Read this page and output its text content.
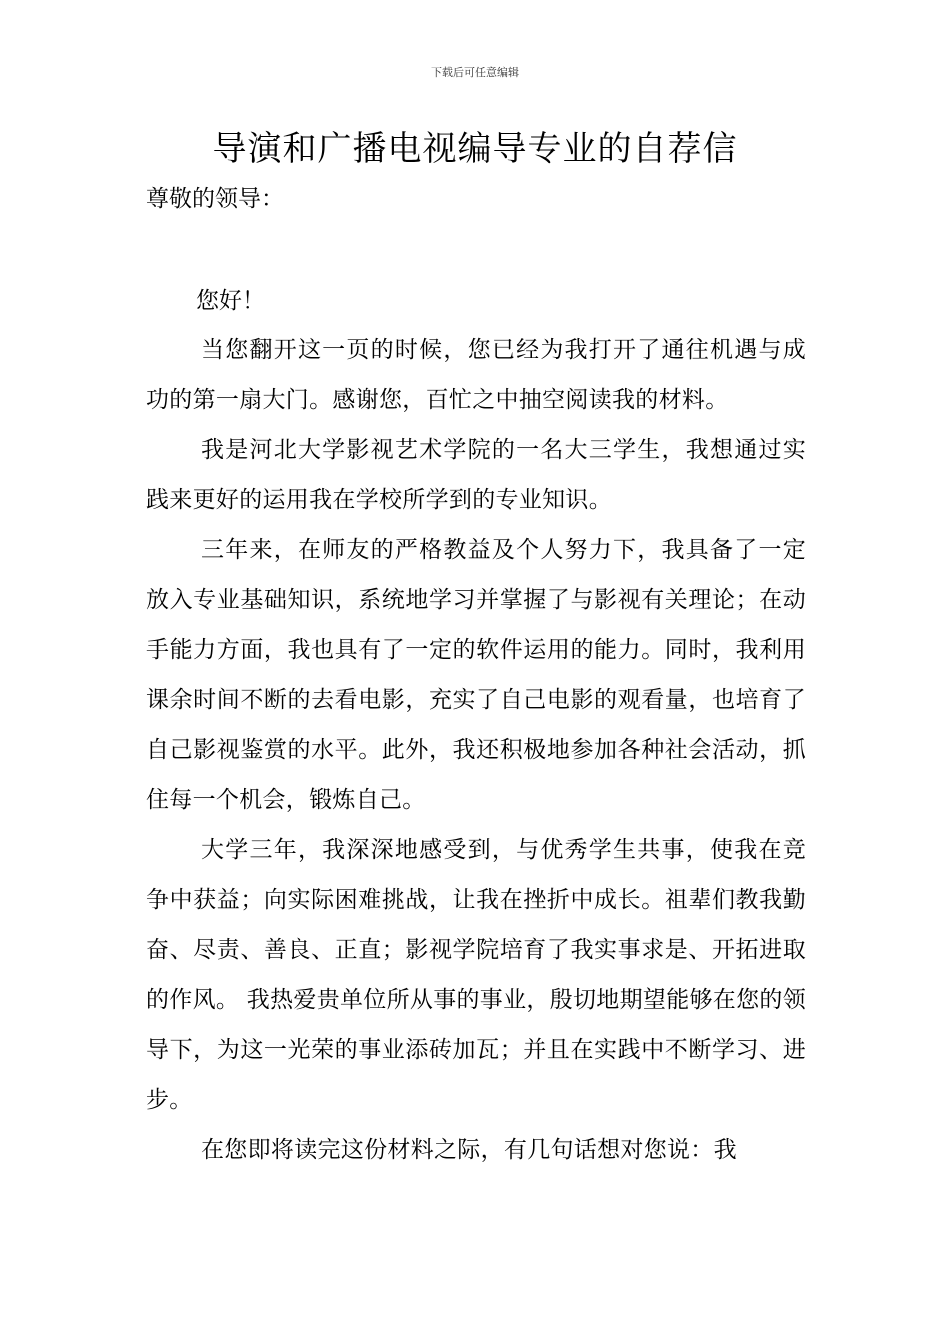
下载后可任意编辑
导演和广播电视编导专业的自荐信
尊敬的领导：
您好！

当您翻开这一页的时候，您已经为我打开了通往机遇与成功的第一扇大门。感谢您，百忙之中抽空阅读我的材料。

我是河北大学影视艺术学院的一名大三学生，我想通过实践来更好的运用我在学校所学到的专业知识。

三年来，在师友的严格教益及个人努力下，我具备了一定放入专业基础知识，系统地学习并掌握了与影视有关理论；在动手能力方面，我也具有了一定的软件运用的能力。同时，我利用课余时间不断的去看电影，充实了自己电影的观看量，也培育了自己影视鉴赏的水平。此外，我还积极地参加各种社会活动，抓住每一个机会，锻炼自己。

大学三年，我深深地感受到，与优秀学生共事，使我在竞争中获益；向实际困难挑战，让我在挫折中成长。祖辈们教我勤奋、尽责、善良、正直；影视学院培育了我实事求是、开拓进取的作风。 我热爱贵单位所从事的事业，殷切地期望能够在您的领导下，为这一光荣的事业添砖加瓦；并且在实践中不断学习、进步。

在您即将读完这份材料之际，有几句话想对您说：我
